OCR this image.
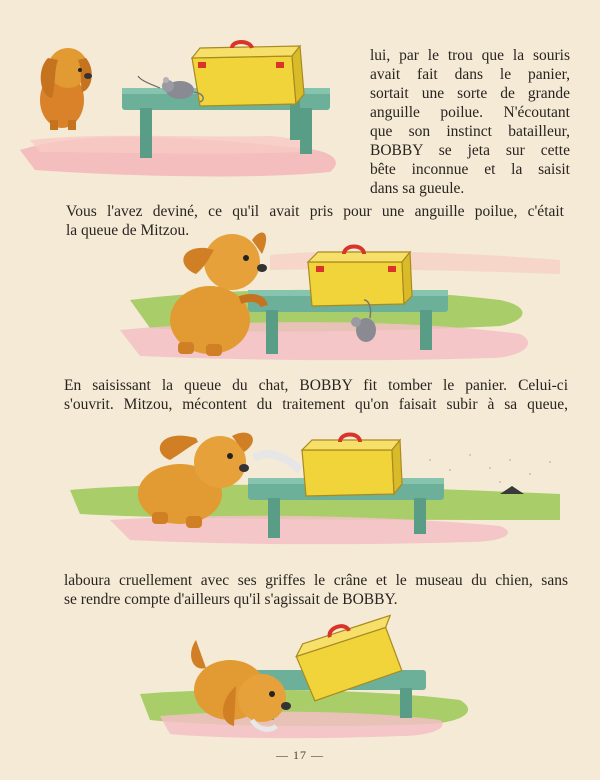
lui, par le trou que la souris
avait fait dans le panier,
sortait une sorte de grande
anguille poilue. N'écoutant
que son instinct batailleur,
BOBBY se jeta sur cette
bête inconnue et la saisit
dans sa gueule.
Vous l'avez deviné, ce qu'il avait pris pour une anguille poilue, c'était
la queue de Mitzou.
En saisissant la queue du chat, BOBBY fit tomber le panier. Celui-ci
s'ouvrit. Mitzou, mécontent du traitement qu'on faisait subir à sa queue,
laboura cruellement avec ses griffes le crâne et le museau du chien, sans
se rendre compte d'ailleurs qu'il s'agissait de BOBBY.
— 17 —
